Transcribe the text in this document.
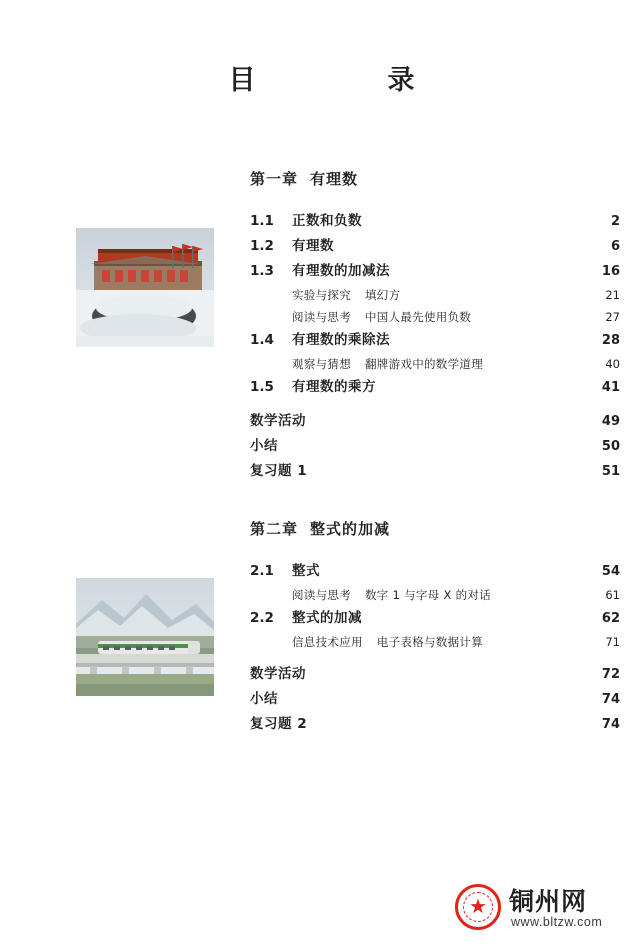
目　　录
第一章 有理数
1.1 正数和负数	2
1.2 有理数	6
1.3 有理数的加减法	16
实验与探究 填幻方	21
阅读与思考 中国人最先使用负数	27
1.4 有理数的乘除法	28
观察与猜想 翻牌游戏中的数学道理	40
1.5 有理数的乘方	41
数学活动	49
小结	50
复习题 1	51
第二章 整式的加减
2.1 整式	54
阅读与思考 数字 1 与字母 X 的对话	61
2.2 整式的加减	62
信息技术应用 电子表格与数据计算	71
数学活动	72
小结	74
复习题 2	74
★ 铜州网
www.bltzw.com
